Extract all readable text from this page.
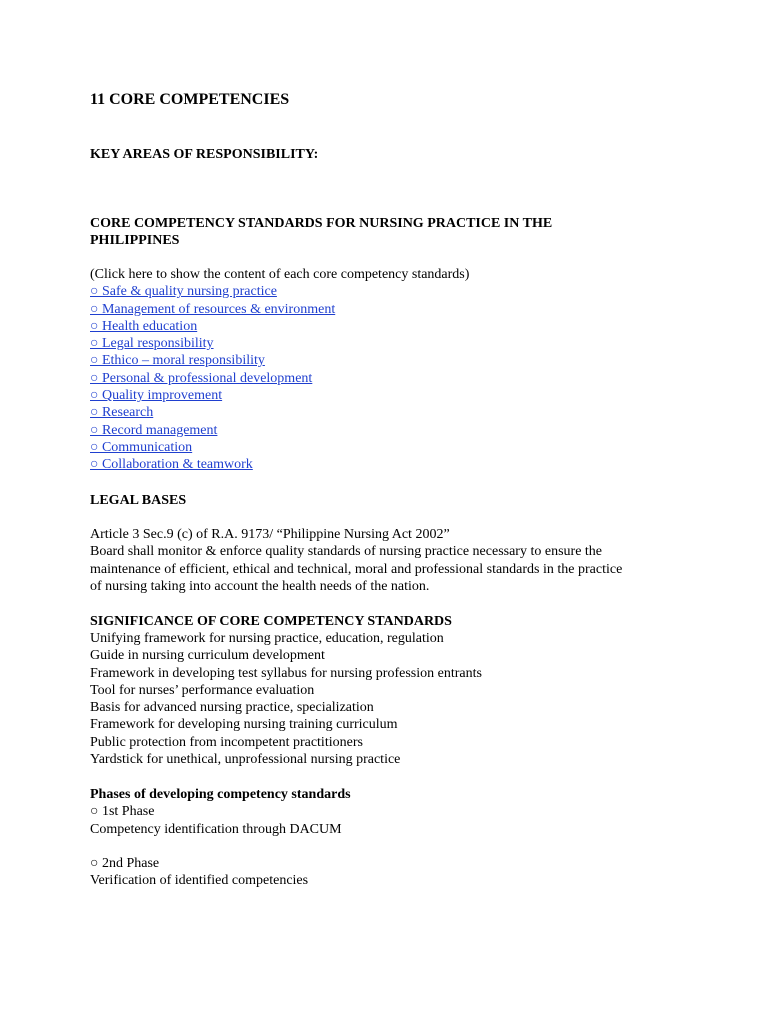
11 CORE COMPETENCIES
KEY AREAS OF RESPONSIBILITY:
CORE COMPETENCY STANDARDS FOR NURSING PRACTICE IN THE PHILIPPINES
(Click here to show the content of each core competency standards)
○ Safe & quality nursing practice
○ Management of resources & environment
○ Health education
○ Legal responsibility
○ Ethico – moral responsibility
○ Personal & professional development
○ Quality improvement
○ Research
○ Record management
○ Communication
○ Collaboration & teamwork
LEGAL BASES
Article 3 Sec.9 (c) of R.A. 9173/ “Philippine Nursing Act 2002”
Board shall monitor & enforce quality standards of nursing practice necessary to ensure the
maintenance of efficient, ethical and technical, moral and professional standards in the practice
of nursing taking into account the health needs of the nation.
SIGNIFICANCE OF CORE COMPETENCY STANDARDS
Unifying framework for nursing practice, education, regulation
Guide in nursing curriculum development
Framework in developing test syllabus for nursing profession entrants
Tool for nurses’ performance evaluation
Basis for advanced nursing practice, specialization
Framework for developing nursing training curriculum
Public protection from incompetent practitioners
Yardstick for unethical, unprofessional nursing practice
Phases of developing competency standards
○ 1st Phase
Competency identification through DACUM
○ 2nd Phase
Verification of identified competencies
